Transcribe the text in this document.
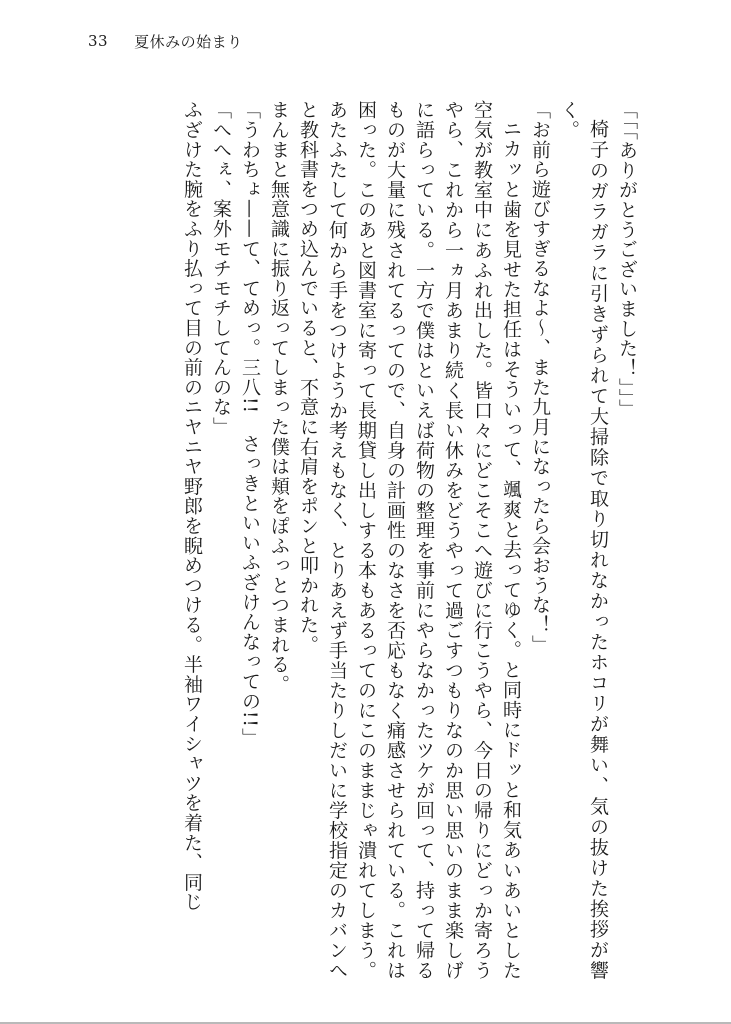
33 夏休みの始まり

「「「ありがとうございました！」」」

椅子のガラガラに引きずられて大掃除で取り切れなかったホコリが舞い、気の抜けた挨拶が響く。

「お前ら遊びすぎるなよ〜、また九月になったら会おうな！」

ニカッと歯を見せた担任はそういって、颯爽と去ってゆく。と同時にドッと和気あいあいとした空気が教室中にあふれ出した。皆口々にどこそこへ遊びに行こうやら、今日の帰りにどっか寄ろうやら、これから一ヵ月あまり続く長い休みをどうやって過ごすつもりなのか思い思いのまま楽しげに語らっている。一方で僕はといえば荷物の整理を事前にやらなかったツケが回って、持って帰るものが大量に残されてるってので、自身の計画性のなさを否応もなく痛感させられている。これは困った。このあと図書室に寄って長期貸し出しする本もあるってのにこのままじゃ潰れてしまう。あたふたして何から手をつけようか考えもなく、とりあえず手当たりしだいに学校指定のカバンへと教科書をつめ込んでいると、不意に右肩をポンと叩かれた。

まんまと無意識に振り返ってしまった僕は頬をぽふっとつまれる。

「うわちょ——て、てめっ。三八!!　さっきといいふざけんなっての!!」

「へへぇ、案外モチモチしてんのな」

ふざけた腕をふり払って目の前のニヤニヤ野郎を睨めつける。半袖ワイシャツを着た、同じ
